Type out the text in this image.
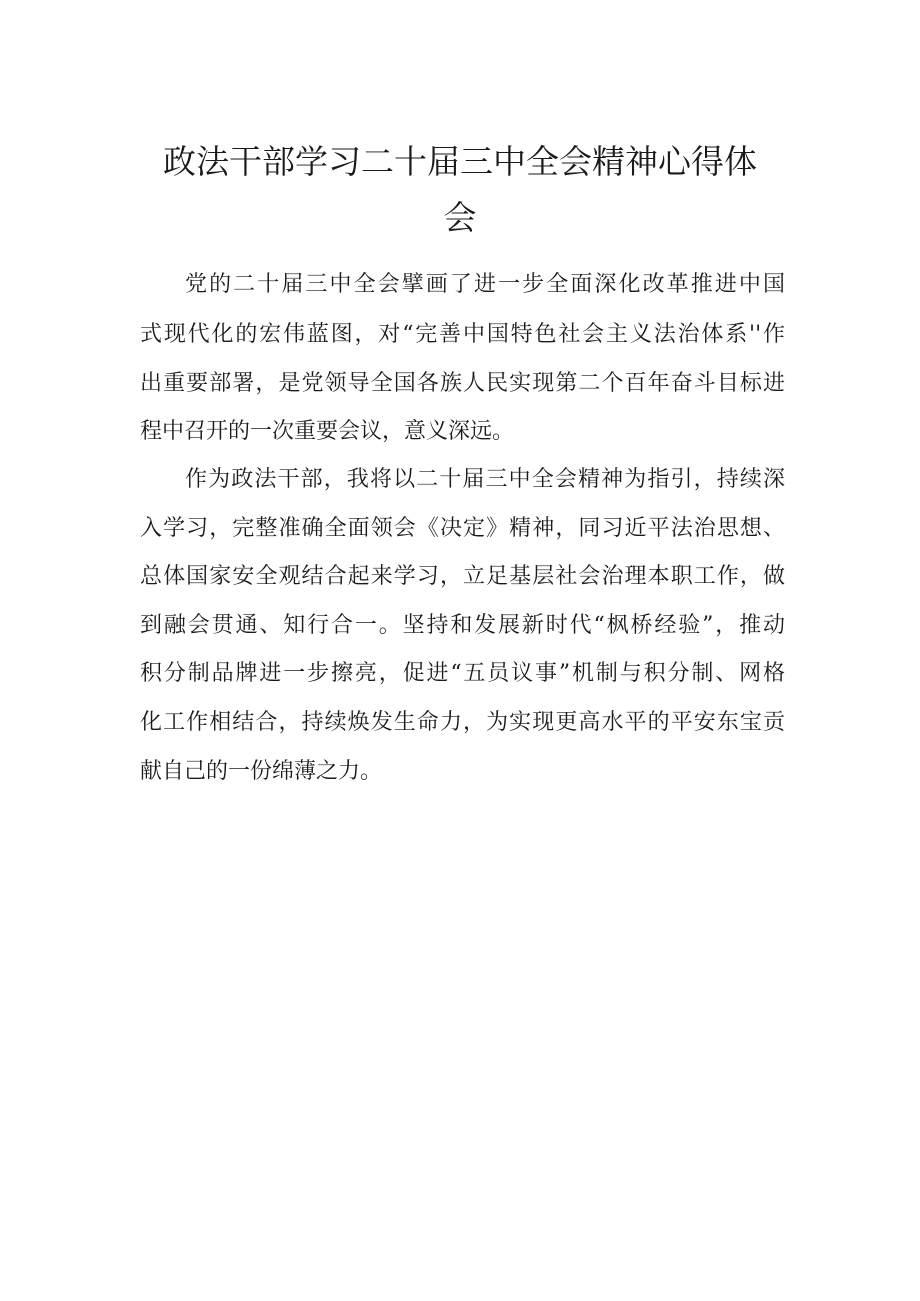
政法干部学习二十届三中全会精神心得体
会
党的二十届三中全会擘画了进一步全面深化改革推进中国
式现代化的宏伟蓝图，对“完善中国特色社会主义法治体系''作
出重要部署，是党领导全国各族人民实现第二个百年奋斗目标进
程中召开的一次重要会议，意义深远。
作为政法干部，我将以二十届三中全会精神为指引，持续深
入学习，完整准确全面领会《决定》精神，同习近平法治思想、
总体国家安全观结合起来学习，立足基层社会治理本职工作，做
到融会贯通、知行合一。坚持和发展新时代“枫桥经验”，推动
积分制品牌进一步擦亮，促进“五员议事”机制与积分制、网格
化工作相结合，持续焕发生命力，为实现更高水平的平安东宝贡
献自己的一份绵薄之力。
